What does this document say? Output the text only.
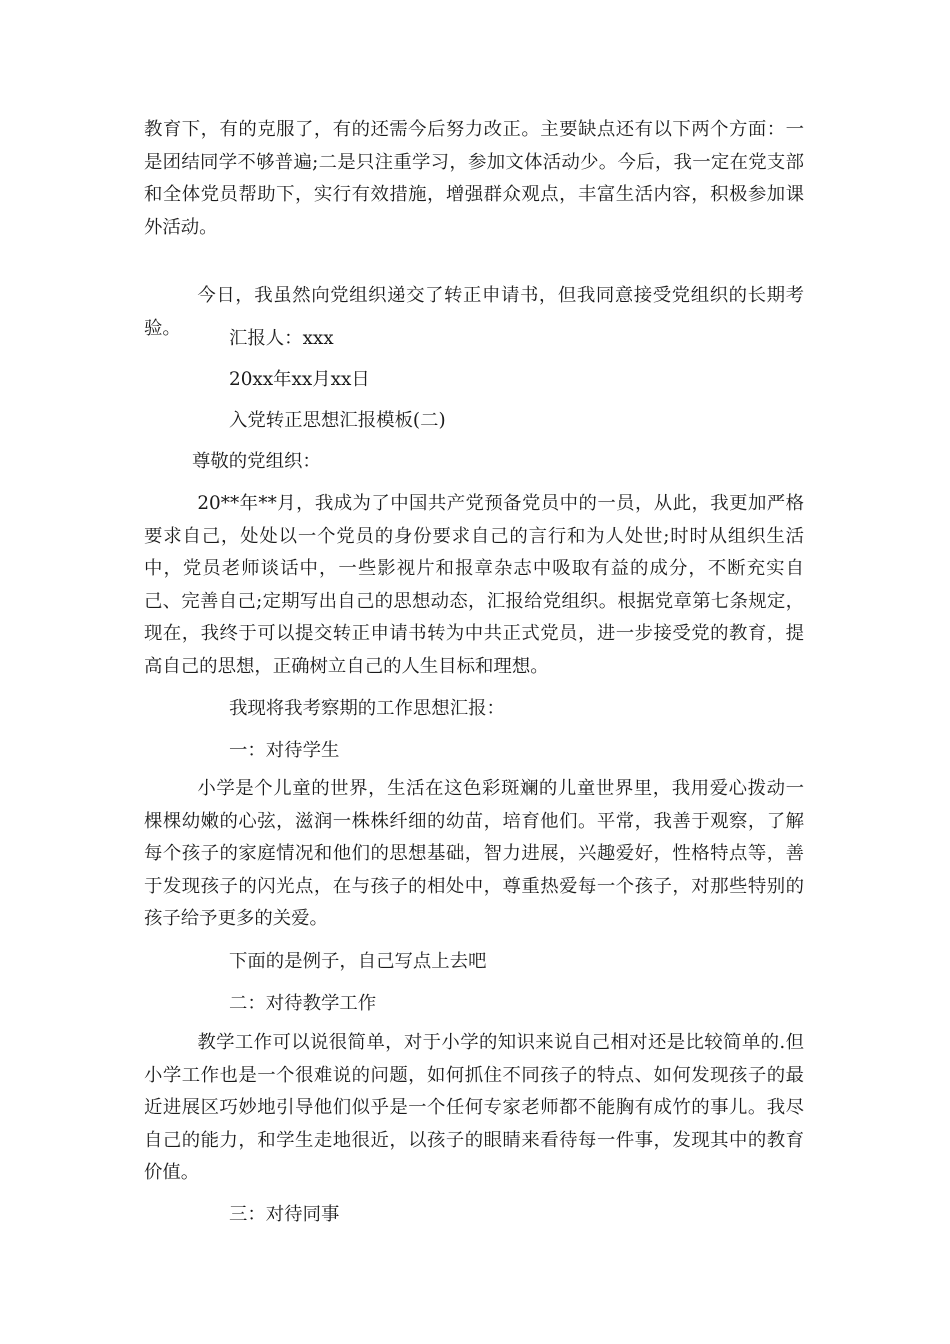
教育下，有的克服了，有的还需今后努力改正。主要缺点还有以下两个方面：一是团结同学不够普遍;二是只注重学习，参加文体活动少。今后，我一定在党支部和全体党员帮助下，实行有效措施，增强群众观点，丰富生活内容，积极参加课外活动。

今日，我虽然向党组织递交了转正申请书，但我同意接受党组织的长期考验。	汇报人：xxx

20xx年xx月xx日

入党转正思想汇报模板(二)

尊敬的党组织：

20**年**月，我成为了中国共产党预备党员中的一员，从此，我更加严格要求自己，处处以一个党员的身份要求自己的言行和为人处世;时时从组织生活中，党员老师谈话中，一些影视片和报章杂志中吸取有益的成分，不断充实自己、完善自己;定期写出自己的思想动态，汇报给党组织。根据党章第七条规定，现在，我终于可以提交转正申请书转为中共正式党员，进一步接受党的教育，提高自己的思想，正确树立自己的人生目标和理想。

我现将我考察期的工作思想汇报：

一：对待学生

小学是个儿童的世界，生活在这色彩斑斓的儿童世界里，我用爱心拨动一棵棵幼嫩的心弦，滋润一株株纤细的幼苗，培育他们。平常，我善于观察，了解每个孩子的家庭情况和他们的思想基础，智力进展，兴趣爱好，性格特点等，善于发现孩子的闪光点，在与孩子的相处中，尊重热爱每一个孩子，对那些特别的孩子给予更多的关爱。

下面的是例子，自己写点上去吧

二：对待教学工作

教学工作可以说很简单，对于小学的知识来说自己相对还是比较简单的.但小学工作也是一个很难说的问题，如何抓住不同孩子的特点、如何发现孩子的最近进展区巧妙地引导他们似乎是一个任何专家老师都不能胸有成竹的事儿。我尽自己的能力，和学生走地很近，以孩子的眼睛来看待每一件事，发现其中的教育价值。

三：对待同事
